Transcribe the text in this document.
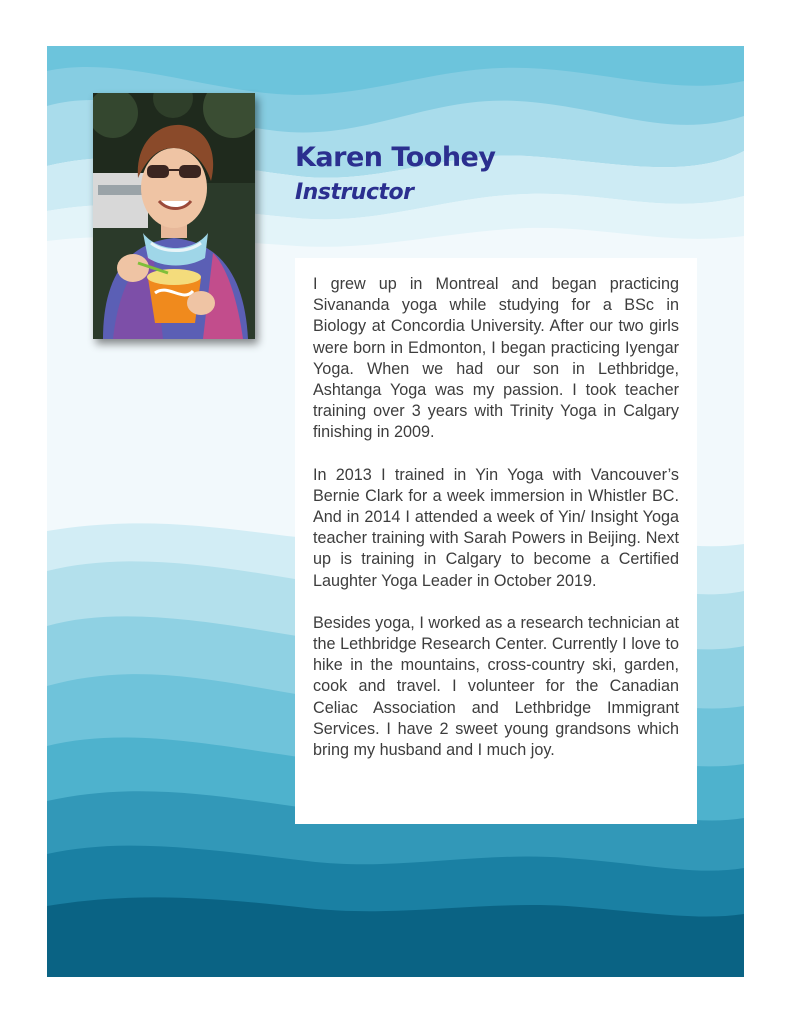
Karen Toohey
Instructor

I grew up in Montreal and began practicing Sivananda yoga while studying for a BSc in Biology at Concordia University. After our two girls were born in Edmonton, I began practicing Iyengar Yoga. When we had our son in Lethbridge, Ashtanga Yoga was my passion. I took teacher training over 3 years with Trinity Yoga in Calgary finishing in 2009.

In 2013 I trained in Yin Yoga with Vancouver’s Bernie Clark for a week immersion in Whistler BC. And in 2014 I attended a week of Yin/ Insight Yoga teacher training with Sarah Powers in Beijing. Next up is training in Calgary to become a Certified Laughter Yoga Leader in October 2019.

Besides yoga, I worked as a research technician at the Lethbridge Research Center. Currently I love to hike in the mountains, cross-country ski, garden, cook and travel. I volunteer for the Canadian Celiac Association and Lethbridge Immigrant Services. I have 2 sweet young grandsons which bring my husband and I much joy.
